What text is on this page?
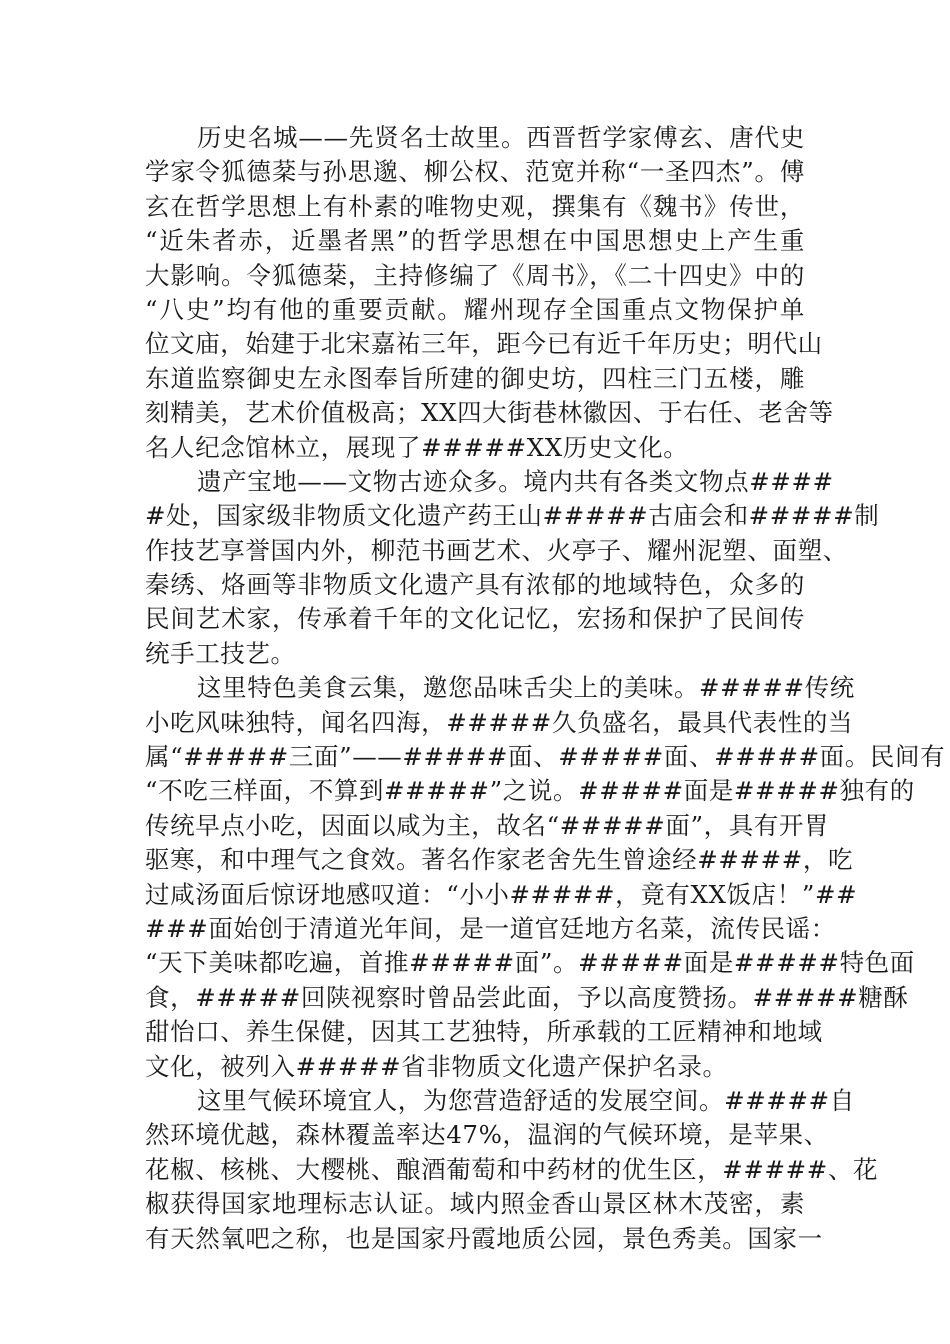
历史名城——先贤名士故里。西晋哲学家傅玄、唐代史
学家令狐德棻与孙思邈、柳公权、范宽并称“一圣四杰”。傅
玄在哲学思想上有朴素的唯物史观，撰集有《魏书》传世，
“近朱者赤，近墨者黑”的哲学思想在中国思想史上产生重
大影响。令狐德棻，主持修编了《周书》，《二十四史》中的
“八史”均有他的重要贡献。耀州现存全国重点文物保护单
位文庙，始建于北宋嘉祐三年，距今已有近千年历史；明代山
东道监察御史左永图奉旨所建的御史坊，四柱三门五楼，雕
刻精美，艺术价值极高；XX四大街巷林徽因、于右任、老舍等
名人纪念馆林立，展现了#####XX历史文化。
遗产宝地——文物古迹众多。境内共有各类文物点####
#处，国家级非物质文化遗产药王山#####古庙会和#####制
作技艺享誉国内外，柳范书画艺术、火亭子、耀州泥塑、面塑、
秦绣、烙画等非物质文化遗产具有浓郁的地域特色，众多的
民间艺术家，传承着千年的文化记忆，宏扬和保护了民间传
统手工技艺。
这里特色美食云集，邀您品味舌尖上的美味。#####传统
小吃风味独特，闻名四海，#####久负盛名，最具代表性的当
属“#####三面”——#####面、#####面、#####面。民间有
“不吃三样面，不算到#####”之说。#####面是#####独有的
传统早点小吃，因面以咸为主，故名“#####面”，具有开胃
驱寒，和中理气之食效。著名作家老舍先生曾途经#####，吃
过咸汤面后惊讶地感叹道：“小小#####，竟有XX饭店！”##
###面始创于清道光年间，是一道官廷地方名菜，流传民谣：
“天下美味都吃遍，首推#####面”。#####面是#####特色面
食，#####回陕视察时曾品尝此面，予以高度赞扬。#####糖酥
甜怡口、养生保健，因其工艺独特，所承载的工匠精神和地域
文化，被列入#####省非物质文化遗产保护名录。
这里气候环境宜人，为您营造舒适的发展空间。#####自
然环境优越，森林覆盖率达47%，温润的气候环境，是苹果、
花椒、核桃、大樱桃、酿酒葡萄和中药材的优生区，#####、花
椒获得国家地理标志认证。域内照金香山景区林木茂密，素
有天然氧吧之称，也是国家丹霞地质公园，景色秀美。国家一
